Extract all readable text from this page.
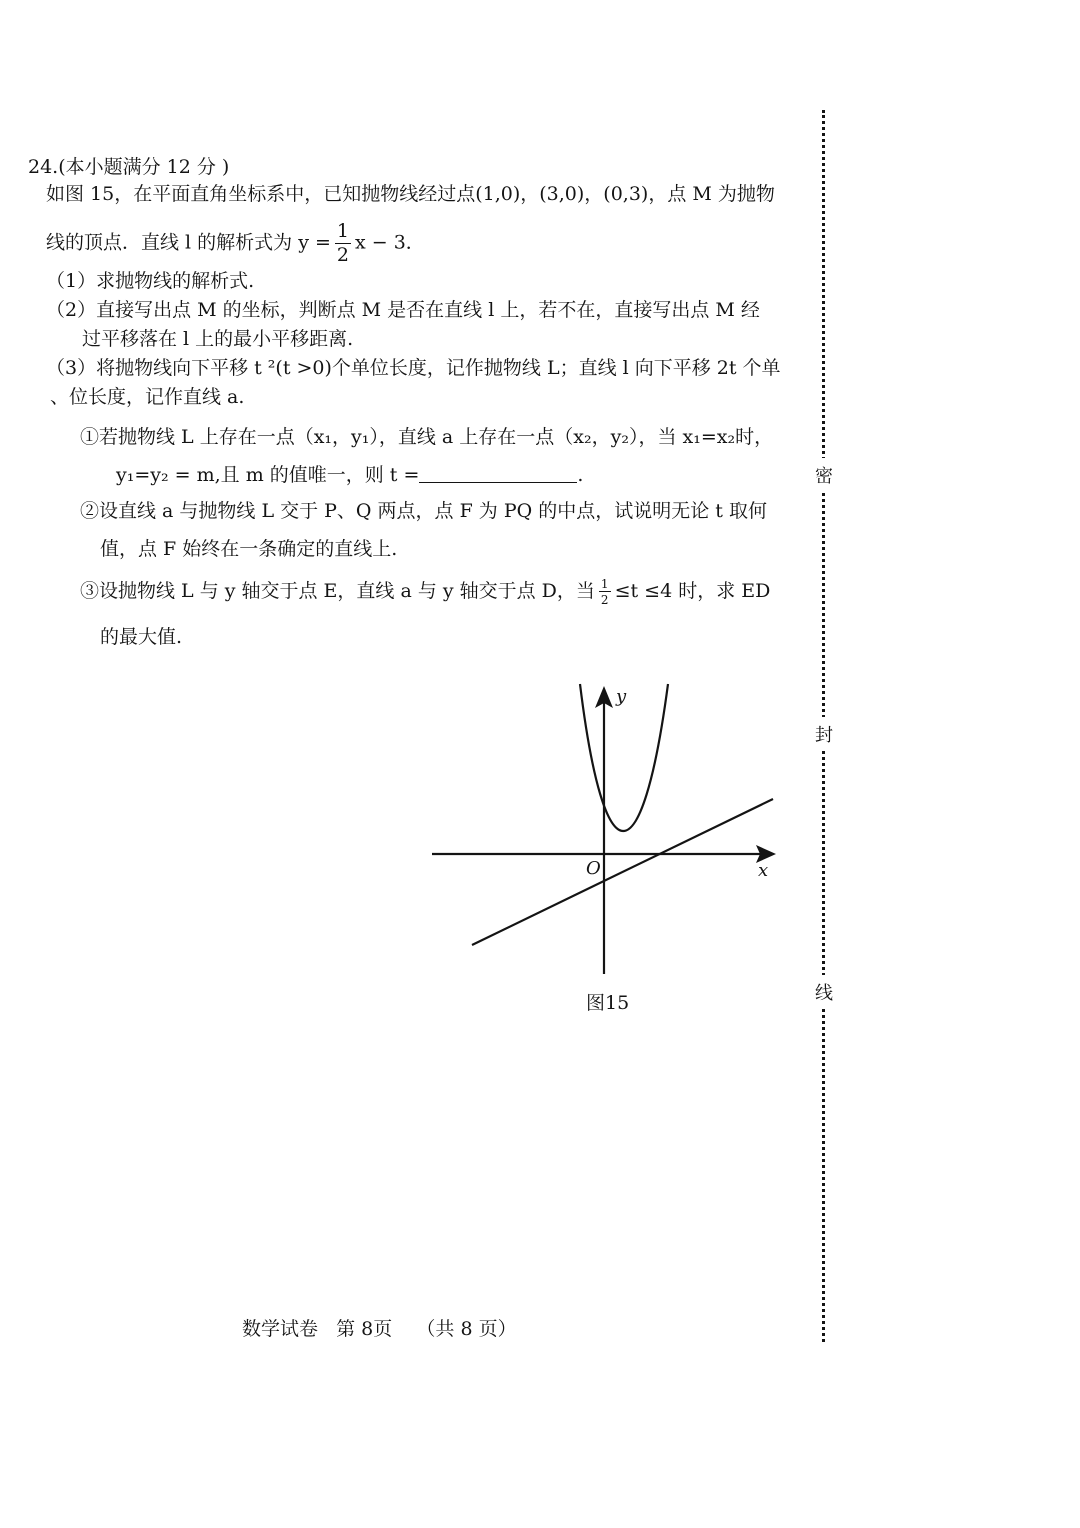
24.(本小题满分 12 分 )
如图 15，在平面直角坐标系中，已知抛物线经过点(1,0)，(3,0)，(0,3)，点 M 为抛物
线的顶点．直线 l 的解析式为 $y = \frac{1}{2}$ x − 3．
（1）求抛物线的解析式.
（2）直接写出点 M 的坐标，判断点 M 是否在直线 l 上，若不在，直接写出点 M 经
过平移落在 l 上的最小平移距离.
（3）将抛物线向下平移 t ²(t >0)个单位长度，记作抛物线 L；直线 l 向下平移 2t 个单
、位长度，记作直线 a.
①若抛物线 L 上存在一点（x₁，y₁），直线 a 上存在一点（x₂，y₂），当 x₁=x₂时，
y₁=y₂ = m,且 m 的值唯一，则 t =	.
②设直线 a 与抛物线 L 交于 P、Q 两点，点 F 为 PQ 的中点，试说明无论 t 取何
值，点 F 始终在一条确定的直线上.
③设抛物线 L 与 y 轴交于点 E，直线 a 与 y 轴交于点 D，当 $\frac{1}{2} \le t \le 4$ 时，求 ED
的最大值.
y
x
O
图15
数学试卷   第 8页    （共 8 页）
密
封
线
